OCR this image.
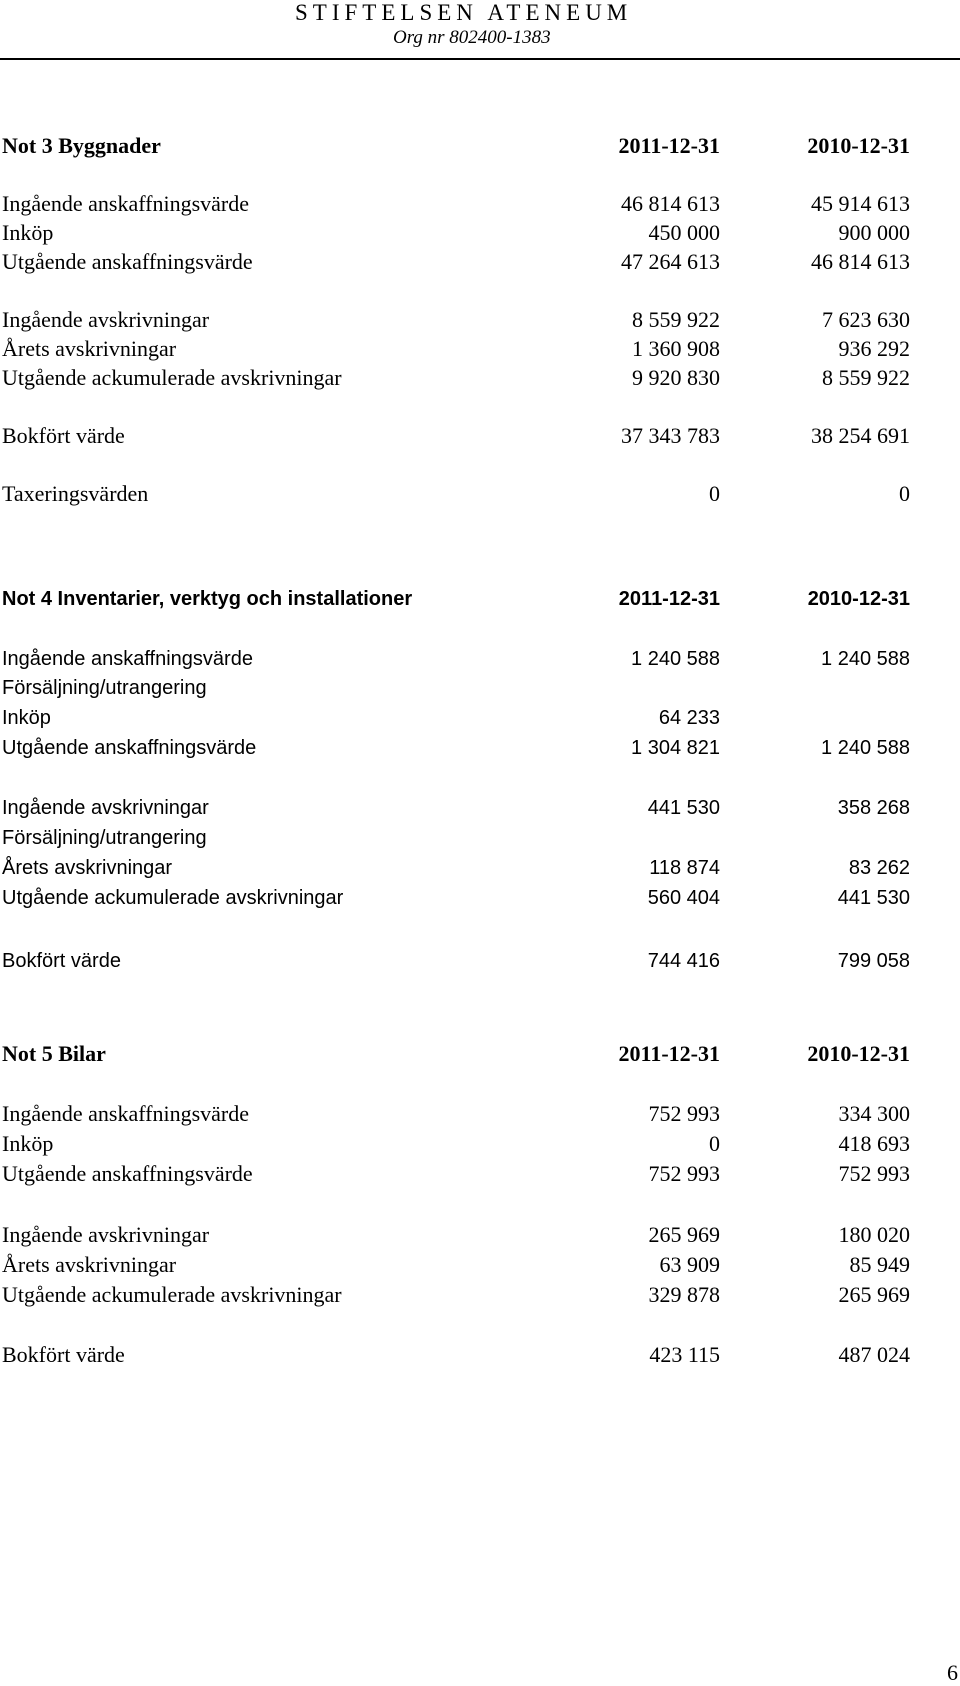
STIFTELSEN ATENEUM
Org nr 802400-1383
Not 3 Byggnader	2011-12-31	2010-12-31
Ingående anskaffningsvärde	46 814 613	45 914 613
Inköp	450 000	900 000
Utgående anskaffningsvärde	47 264 613	46 814 613
Ingående avskrivningar	8 559 922	7 623 630
Årets avskrivningar	1 360 908	936 292
Utgående ackumulerade avskrivningar	9 920 830	8 559 922
Bokfört värde	37 343 783	38 254 691
Taxeringsvärden	0	0
Not 4 Inventarier, verktyg och installationer	2011-12-31	2010-12-31
Ingående anskaffningsvärde	1 240 588	1 240 588
Försäljning/utrangering
Inköp	64 233
Utgående anskaffningsvärde	1 304 821	1 240 588
Ingående avskrivningar	441 530	358 268
Försäljning/utrangering
Årets avskrivningar	118 874	83 262
Utgående ackumulerade avskrivningar	560 404	441 530
Bokfört värde	744 416	799 058
Not 5 Bilar	2011-12-31	2010-12-31
Ingående anskaffningsvärde	752 993	334 300
Inköp	0	418 693
Utgående anskaffningsvärde	752 993	752 993
Ingående avskrivningar	265 969	180 020
Årets avskrivningar	63 909	85 949
Utgående ackumulerade avskrivningar	329 878	265 969
Bokfört värde	423 115	487 024
6
